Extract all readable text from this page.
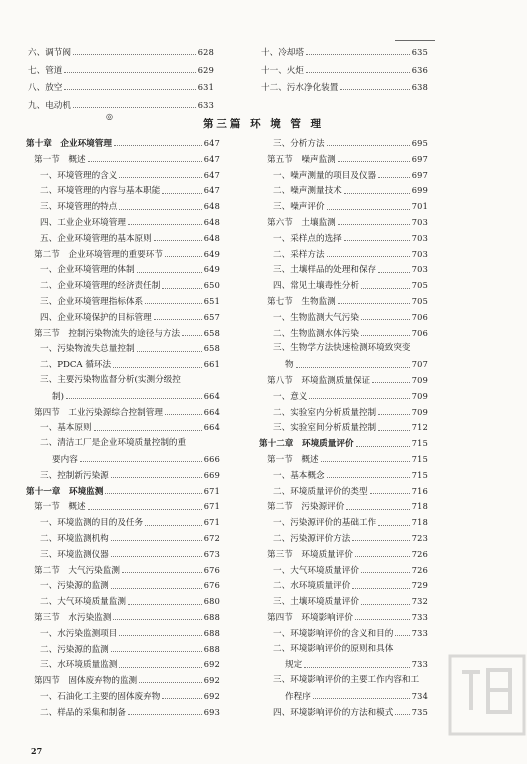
六、调节阀	628
七、管道	629
八、放空	631
九、电动机	633
十、冷却塔	635
十一、火炬	636
十二、污水净化装置	638
◎
第三篇 环 境 管 理
第十章　企业环境管理	647
第一节　概述	647
一、环境管理的含义	647
二、环境管理的内容与基本职能	647
三、环境管理的特点	648
四、工业企业环境管理	648
五、企业环境管理的基本原则	648
第二节　企业环境管理的重要环节	649
一、企业环境管理的体制	649
二、企业环境管理的经济责任制	650
三、企业环境管理指标体系	651
四、企业环境保护的目标管理	657
第三节　控制污染物流失的途径与方法	658
一、污染物流失总量控制	658
二、PDCA 循环法	661
三、主要污染物监督分析(实测分级控
制)	664
第四节　工业污染源综合控制管理	664
一、基本原则	664
二、清洁工厂是企业环境质量控制的重
要内容	666
三、控制新污染源	669
第十一章　环境监测	671
第一节　概述	671
一、环境监测的目的及任务	671
二、环境监测机构	672
三、环境监测仪器	673
第二节　大气污染监测	676
一、污染源的监测	676
二、大气环境质量监测	680
第三节　水污染监测	688
一、水污染监测项目	688
二、污染源的监测	688
三、水环境质量监测	692
第四节　固体废弃物的监测	692
一、石油化工主要的固体废弃物	692
二、样品的采集和制备	693
三、分析方法	695
第五节　噪声监测	697
一、噪声测量的项目及仪器	697
二、噪声测量技术	699
三、噪声评价	701
第六节　土壤监测	703
一、采样点的选择	703
二、采样方法	703
三、土壤样品的处理和保存	703
四、常见土壤毒性分析	705
第七节　生物监测	705
一、生物监测大气污染	706
二、生物监测水体污染	706
三、生物学方法快速检测环境致突变
物	707
第八节　环境监测质量保证	709
一、意义	709
二、实验室内分析质量控制	709
三、实验室间分析质量控制	712
第十二章　环境质量评价	715
第一节　概述	715
一、基本概念	715
二、环境质量评价的类型	716
第二节　污染源评价	718
一、污染源评价的基础工作	718
二、污染源评价方法	723
第三节　环境质量评价	726
一、大气环境质量评价	726
二、水环境质量评价	729
三、土壤环境质量评价	732
第四节　环境影响评价	733
一、环境影响评价的含义和目的 733
二、环境影响评价的原则和具体
规定	733
三、环境影响评价的主要工作内容和工
作程序	734
四、环境影响评价的方法和模式 735
27
